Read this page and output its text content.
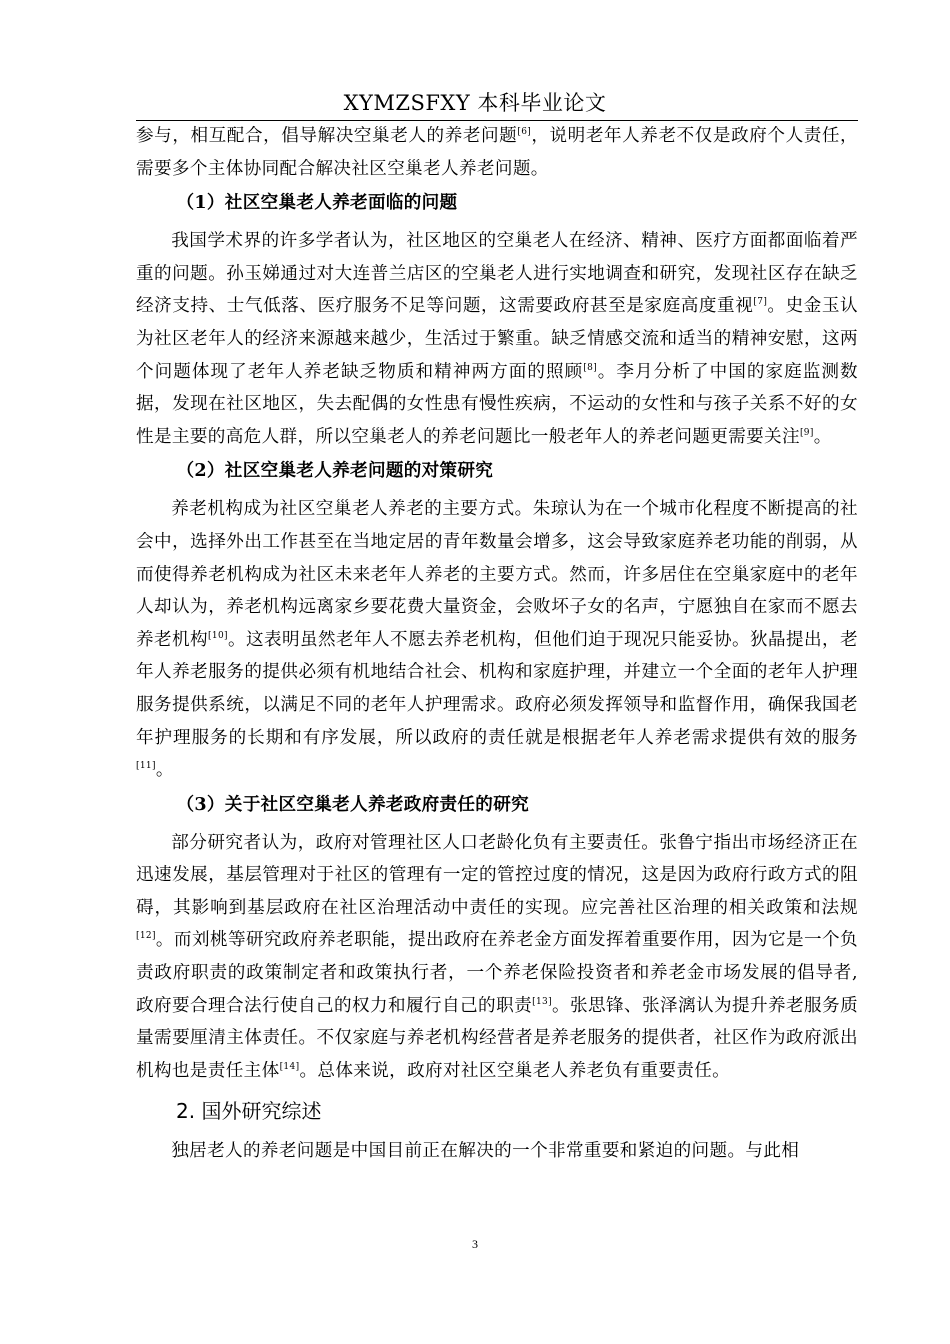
XYMZSFXY 本科毕业论文

参与，相互配合，倡导解决空巢老人的养老问题[6]，说明老年人养老不仅是政府个人责任，需要多个主体协同配合解决社区空巢老人养老问题。

（1）社区空巢老人养老面临的问题

我国学术界的许多学者认为，社区地区的空巢老人在经济、精神、医疗方面都面临着严重的问题。孙玉娣通过对大连普兰店区的空巢老人进行实地调查和研究，发现社区存在缺乏经济支持、士气低落、医疗服务不足等问题，这需要政府甚至是家庭高度重视[7]。史金玉认为社区老年人的经济来源越来越少，生活过于繁重。缺乏情感交流和适当的精神安慰，这两个问题体现了老年人养老缺乏物质和精神两方面的照顾[8]。李月分析了中国的家庭监测数据，发现在社区地区，失去配偶的女性患有慢性疾病，不运动的女性和与孩子关系不好的女性是主要的高危人群，所以空巢老人的养老问题比一般老年人的养老问题更需要关注[9]。

（2）社区空巢老人养老问题的对策研究

养老机构成为社区空巢老人养老的主要方式。朱琼认为在一个城市化程度不断提高的社会中，选择外出工作甚至在当地定居的青年数量会增多，这会导致家庭养老功能的削弱，从而使得养老机构成为社区未来老年人养老的主要方式。然而，许多居住在空巢家庭中的老年人却认为，养老机构远离家乡要花费大量资金，会败坏子女的名声，宁愿独自在家而不愿去养老机构[10]。这表明虽然老年人不愿去养老机构，但他们迫于现况只能妥协。狄晶提出，老年人养老服务的提供必须有机地结合社会、机构和家庭护理，并建立一个全面的老年人护理服务提供系统，以满足不同的老年人护理需求。政府必须发挥领导和监督作用，确保我国老年护理服务的长期和有序发展，所以政府的责任就是根据老年人养老需求提供有效的服务[11]。

（3）关于社区空巢老人养老政府责任的研究

部分研究者认为，政府对管理社区人口老龄化负有主要责任。张鲁宁指出市场经济正在迅速发展，基层管理对于社区的管理有一定的管控过度的情况，这是因为政府行政方式的阻碍，其影响到基层政府在社区治理活动中责任的实现。应完善社区治理的相关政策和法规[12]。而刘桃等研究政府养老职能，提出政府在养老金方面发挥着重要作用，因为它是一个负责政府职责的政策制定者和政策执行者，一个养老保险投资者和养老金市场发展的倡导者,政府要合理合法行使自己的权力和履行自己的职责[13]。张思锋、张泽漓认为提升养老服务质量需要厘清主体责任。不仅家庭与养老机构经营者是养老服务的提供者，社区作为政府派出机构也是责任主体[14]。总体来说，政府对社区空巢老人养老负有重要责任。

2. 国外研究综述

独居老人的养老问题是中国目前正在解决的一个非常重要和紧迫的问题。与此相

3
